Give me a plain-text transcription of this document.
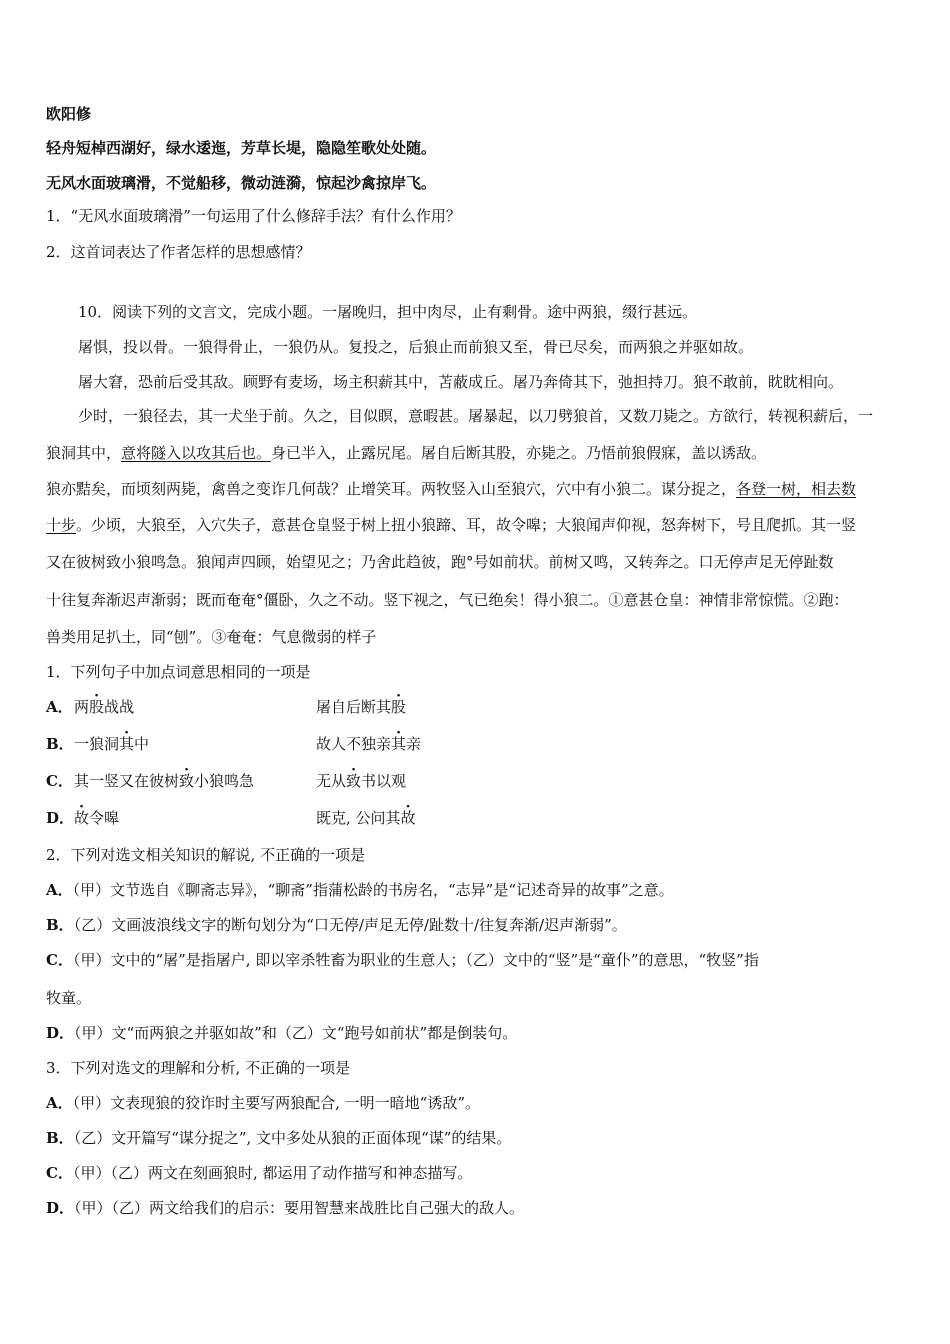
欧阳修
轻舟短棹西湖好，绿水逶迤，芳草长堤，隐隐笙歌处处随。
无风水面玻璃滑，不觉船移，微动涟漪，惊起沙禽掠岸飞。
1．“无风水面玻璃滑”一句运用了什么修辞手法？有什么作用？
2．这首词表达了作者怎样的思想感情？
10．阅读下列的文言文，完成小题。一屠晚归，担中肉尽，止有剩骨。途中两狼，缀行甚远。
屠惧，投以骨。一狼得骨止，一狼仍从。复投之，后狼止而前狼又至，骨已尽矣，而两狼之并驱如故。
屠大窘，恐前后受其敌。顾野有麦场，场主积薪其中，苫蔽成丘。屠乃奔倚其下，弛担持刀。狼不敢前，眈眈相向。
少时，一狼径去，其一犬坐于前。久之，目似瞑，意暇甚。屠暴起，以刀劈狼首，又数刀毙之。方欲行，转视积薪后，一
狼洞其中，意将隧入以攻其后也。身已半入，止露尻尾。屠自后断其股，亦毙之。乃悟前狼假寐，盖以诱敌。
狼亦黠矣，而顷刻两毙，禽兽之变诈几何哉？止增笑耳。两牧竖入山至狼穴，穴中有小狼二。谋分捉之，各登一树，相去数
十步。少顷，大狼至，入穴失子，意甚仓皇竖于树上扭小狼蹄、耳，故令嗥；大狼闻声仰视，怒奔树下，号且爬抓。其一竖
又在彼树致小狼鸣急。狼闻声四顾，始望见之；乃舍此趋彼，跑°号如前状。前树又鸣，又转奔之。口无停声足无停趾数
十往复奔渐迟声渐弱；既而奄奄°僵卧，久之不动。竖下视之，气已绝矣！得小狼二。①意甚仓皇：神情非常惊慌。②跑：
兽类用足扒土，同“刨”。③奄奄：气息微弱的样子
1．下列句子中加点词意思相同的一项是
A． 两股战战	屠自后断其股
B． 一狼洞其中	故人不独亲其亲
C． 其一竖又在彼树致小狼鸣急	无从致书以观
D． 故令嗥	既克, 公问其故
2．下列对选文相关知识的解说, 不正确的一项是
A．（甲）文节选自《聊斋志异》，“聊斋”指蒲松龄的书房名，“志异”是“记述奇异的故事”之意。
B．（乙）文画波浪线文字的断句划分为“口无停/声足无停/趾数十/往复奔渐/迟声渐弱”。
C．（甲）文中的“屠”是指屠户, 即以宰杀牲畜为职业的生意人；（乙）文中的“竖”是“童仆”的意思，“牧竖”指
牧童。
D．（甲）文“而两狼之并驱如故”和（乙）文“跑号如前状”都是倒装句。
3．下列对选文的理解和分析, 不正确的一项是
A．（甲）文表现狼的狡诈时主要写两狼配合, 一明一暗地“诱敌”。
B．（乙）文开篇写“谋分捉之”, 文中多处从狼的正面体现“谋”的结果。
C．（甲）（乙）两文在刻画狼时, 都运用了动作描写和神态描写。
D．（甲）（乙）两文给我们的启示：要用智慧来战胜比自己强大的敌人。
